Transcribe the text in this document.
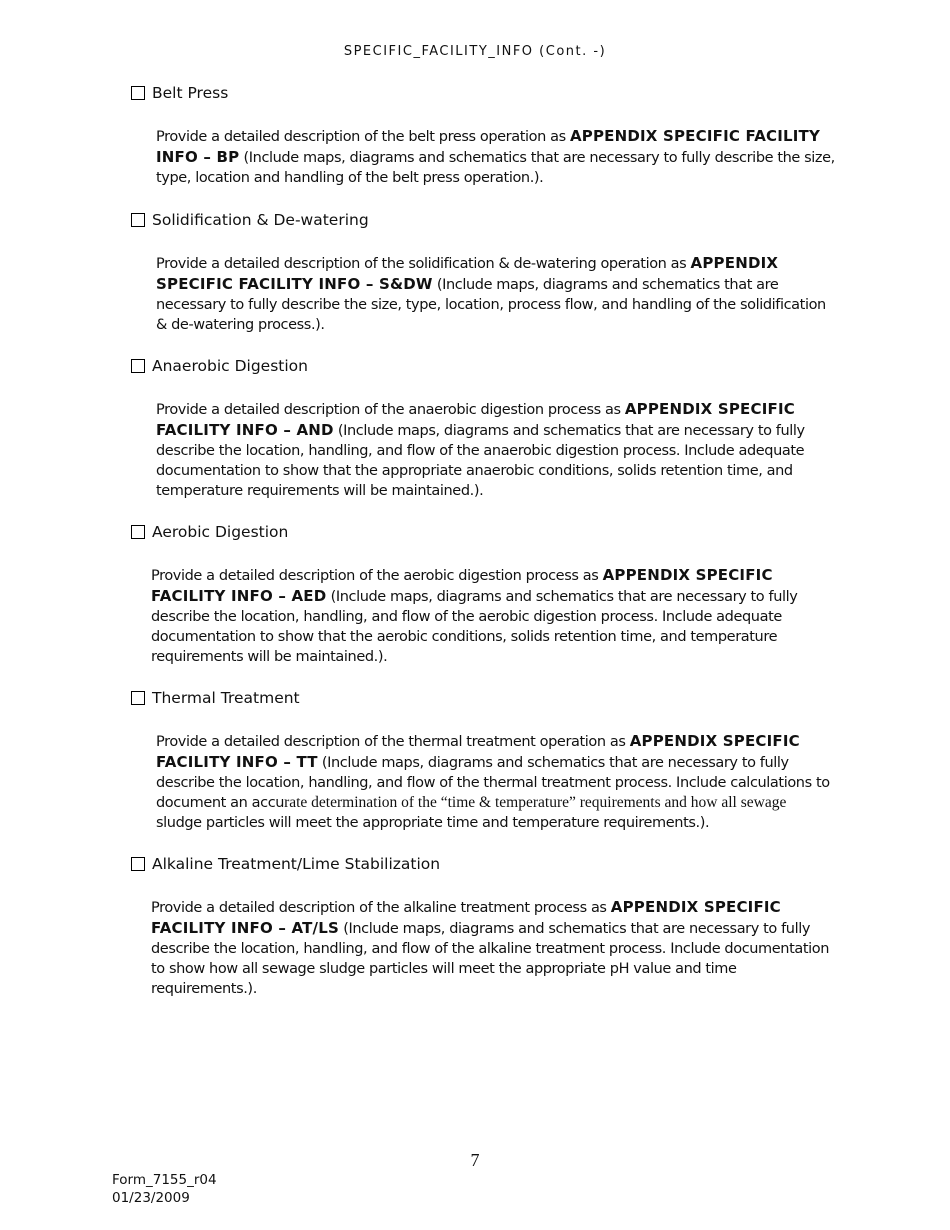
SPECIFIC_FACILITY_INFO (Cont. -)
Belt Press
Provide a detailed description of the belt press operation as APPENDIX SPECIFIC FACILITY INFO – BP (Include maps, diagrams and schematics that are necessary to fully describe the size, type, location and handling of the belt press operation.).
Solidification & De-watering
Provide a detailed description of the solidification & de-watering operation as APPENDIX SPECIFIC FACILITY INFO – S&DW (Include maps, diagrams and schematics that are necessary to fully describe the size, type, location, process flow, and handling of the solidification & de-watering process.).
Anaerobic Digestion
Provide a detailed description of the anaerobic digestion process as APPENDIX SPECIFIC FACILITY INFO – AND (Include maps, diagrams and schematics that are necessary to fully describe the location, handling, and flow of the anaerobic digestion process. Include adequate documentation to show that the appropriate anaerobic conditions, solids retention time, and temperature requirements will be maintained.).
Aerobic Digestion
Provide a detailed description of the aerobic digestion process as APPENDIX SPECIFIC FACILITY INFO – AED (Include maps, diagrams and schematics that are necessary to fully describe the location, handling, and flow of the aerobic digestion process. Include adequate documentation to show that the aerobic conditions, solids retention time, and temperature requirements will be maintained.).
Thermal Treatment
Provide a detailed description of the thermal treatment operation as APPENDIX SPECIFIC FACILITY INFO – TT (Include maps, diagrams and schematics that are necessary to fully describe the location, handling, and flow of the thermal treatment process. Include calculations to document an accurate determination of the “time & temperature” requirements and how all sewage sludge particles will meet the appropriate time and temperature requirements.).
Alkaline Treatment/Lime Stabilization
Provide a detailed description of the alkaline treatment process as APPENDIX SPECIFIC FACILITY INFO – AT/LS (Include maps, diagrams and schematics that are necessary to fully describe the location, handling, and flow of the alkaline treatment process. Include documentation to show how all sewage sludge particles will meet the appropriate pH value and time requirements.).
7
Form_7155_r04
01/23/2009
